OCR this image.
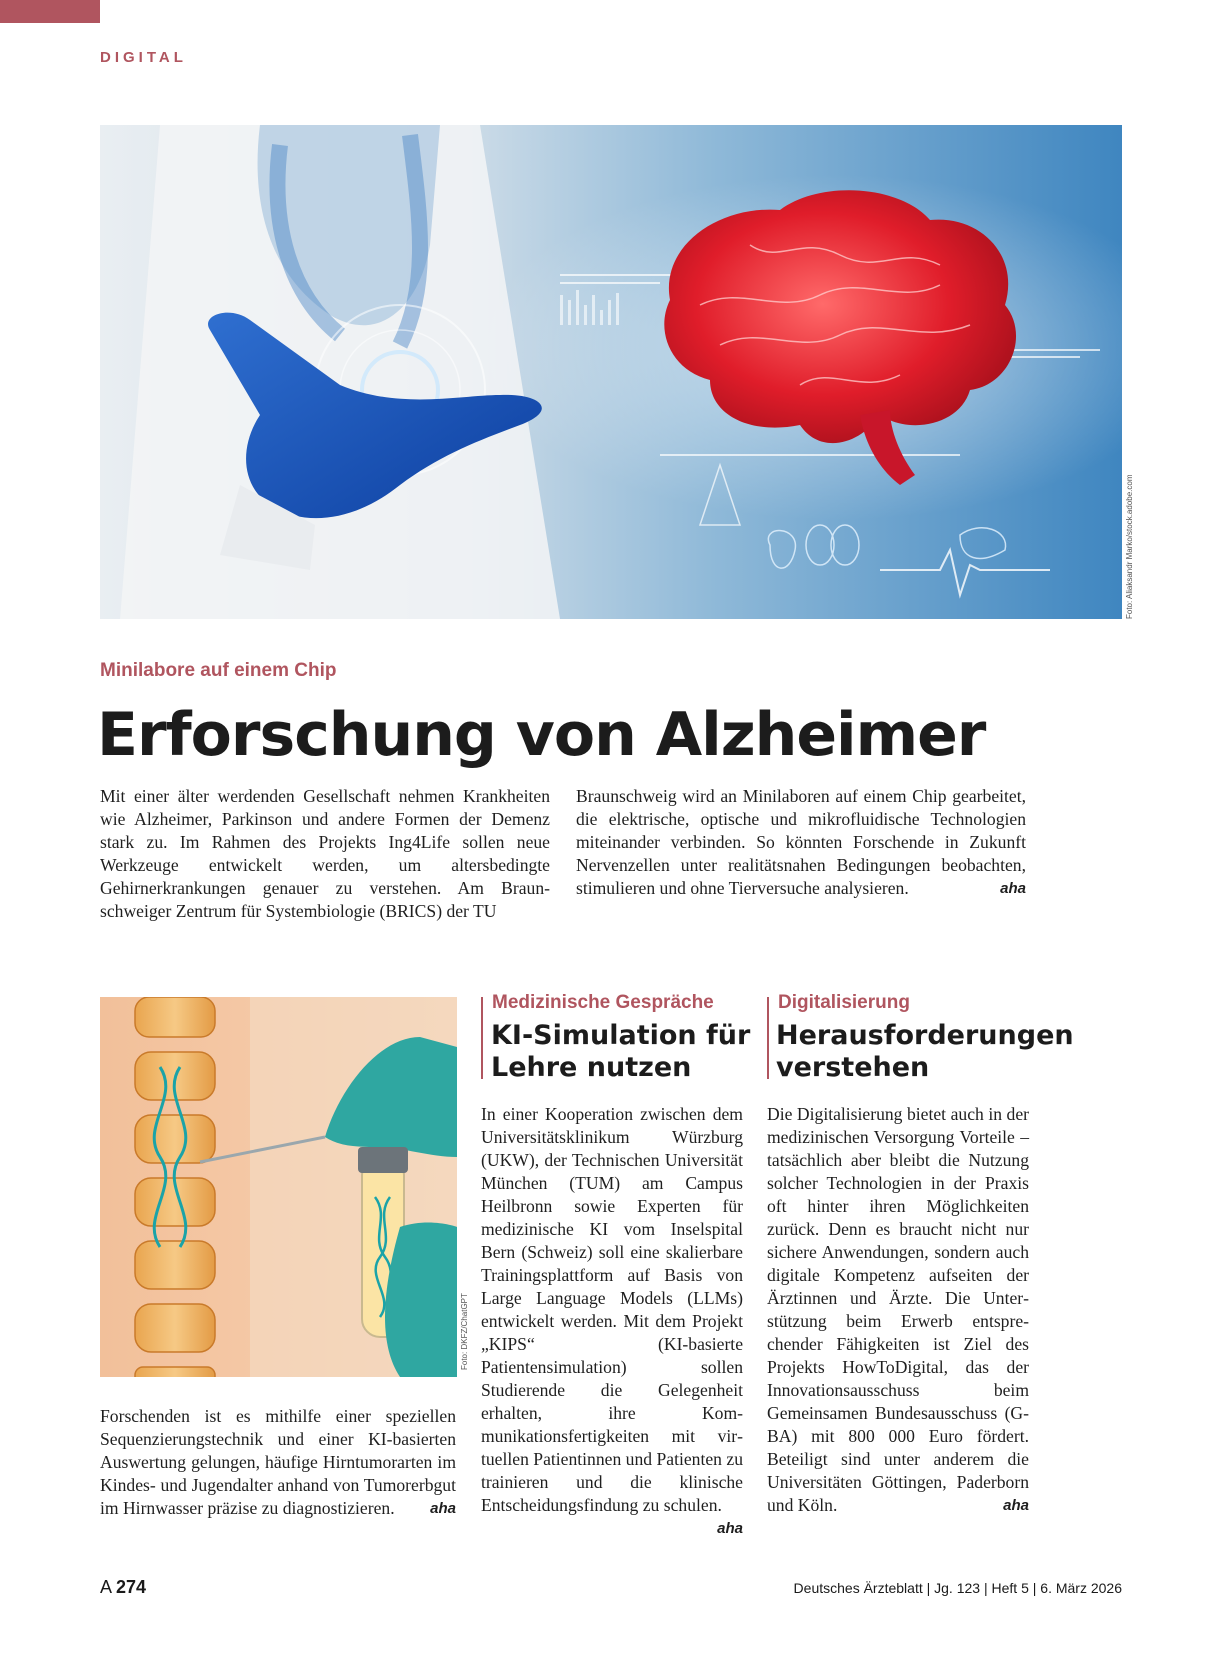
DIGITAL
Foto: Aliaksandr Marko/stock.adobe.com
Minilabore auf einem Chip
Erforschung von Alzheimer
Mit einer älter werdenden Gesellschaft nehmen Krankheiten wie Alzheimer, Parkinson und andere Formen der Demenz stark zu. Im Rahmen des Projekts Ing4Life sollen neue Werkzeuge entwickelt werden, um altersbedingte Gehirnerkrankungen genauer zu verstehen. Am Braunschweiger Zentrum für Systembiologie (BRICS) der TU
Braunschweig wird an Minilaboren auf einem Chip gearbeitet, die elektrische, optische und mikrofluidische Technologien miteinander verbinden. So könnten Forschende in Zukunft Nervenzellen unter realitätsnahen Bedingungen beobachten, stimulieren und ohne Tierversuche analysieren.	aha
Foto: DKFZ/ChatGPT
Forschenden ist es mithilfe einer speziellen Sequenzierungstechnik und einer KI-basierten Auswertung gelungen, häufige Hirntumorarten im Kindes- und Jugendalter anhand von Tumorerbgut im Hirnwasser präzise zu diagnostizieren. aha
Medizinische Gespräche
KI-Simulation für
Lehre nutzen
In einer Kooperation zwischen dem Universitätsklinikum Würzburg (UKW), der Technischen Universität München (TUM) am Campus Heilbronn sowie Experten für medizinische KI vom Inselspital Bern (Schweiz) soll eine skalierbare Trainingsplattform auf Basis von Large Language Models (LLMs) entwickelt werden. Mit dem Projekt „KIPS“ (KI-basierte Patientensimulation) sollen Studierende die Gelegenheit erhalten, ihre Kommunikationsfertigkeiten mit virtuellen Patientinnen und Patienten zu trainieren und die klinische Entscheidungsfindung zu schulen.
aha
Digitalisierung
Herausforderungen
verstehen
Die Digitalisierung bietet auch in der medizinischen Versorgung Vorteile – tatsächlich aber bleibt die Nutzung solcher Technologien in der Praxis oft hinter ihren Möglichkeiten zurück. Denn es braucht nicht nur sichere Anwendungen, sondern auch digitale Kompetenz aufseiten der Ärztinnen und Ärzte. Die Unterstützung beim Erwerb entsprechender Fähigkeiten ist Ziel des Projekts HowToDigital, das der Innovationsausschuss beim Gemeinsamen Bundesausschuss (G-BA) mit 800 000 Euro fördert. Beteiligt sind unter anderem die Universitäten Göttingen, Paderborn und Köln.	aha
A 274	Deutsches Ärzteblatt | Jg. 123 | Heft 5 | 6. März 2026
